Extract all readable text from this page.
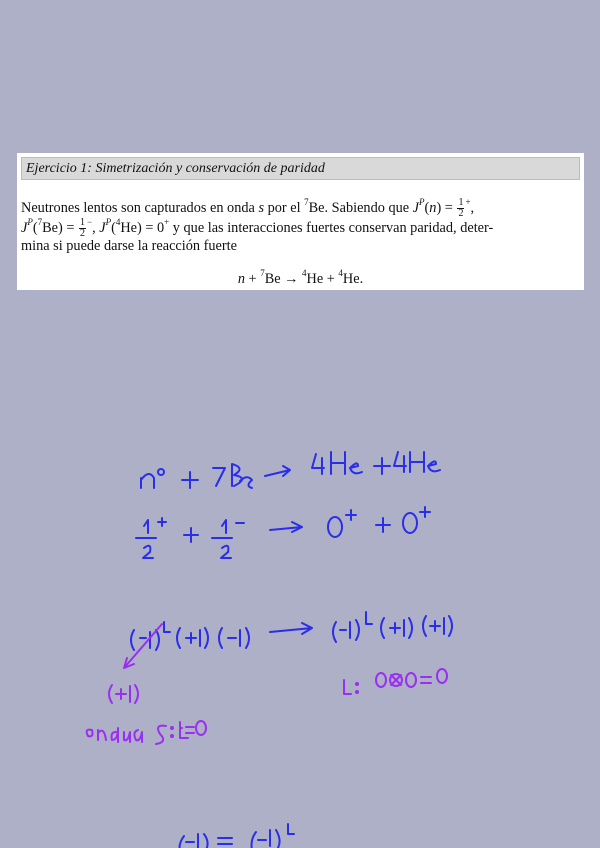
Ejercicio 1: Simetrización y conservación de paridad
Neutrones lentos son capturados en onda s por el $^7$Be. Sabiendo que $J^P(n) = \frac{1}{2} ^+$,
$J^P(^7Be) = \frac{1}{2} ^-$, $J^P(^4He) = 0^+$ y que las interacciones fuertes conservan paridad, deter-
mina si puede darse la reacción fuerte
n + $^7$Be → $^4$He + $^4$He.
